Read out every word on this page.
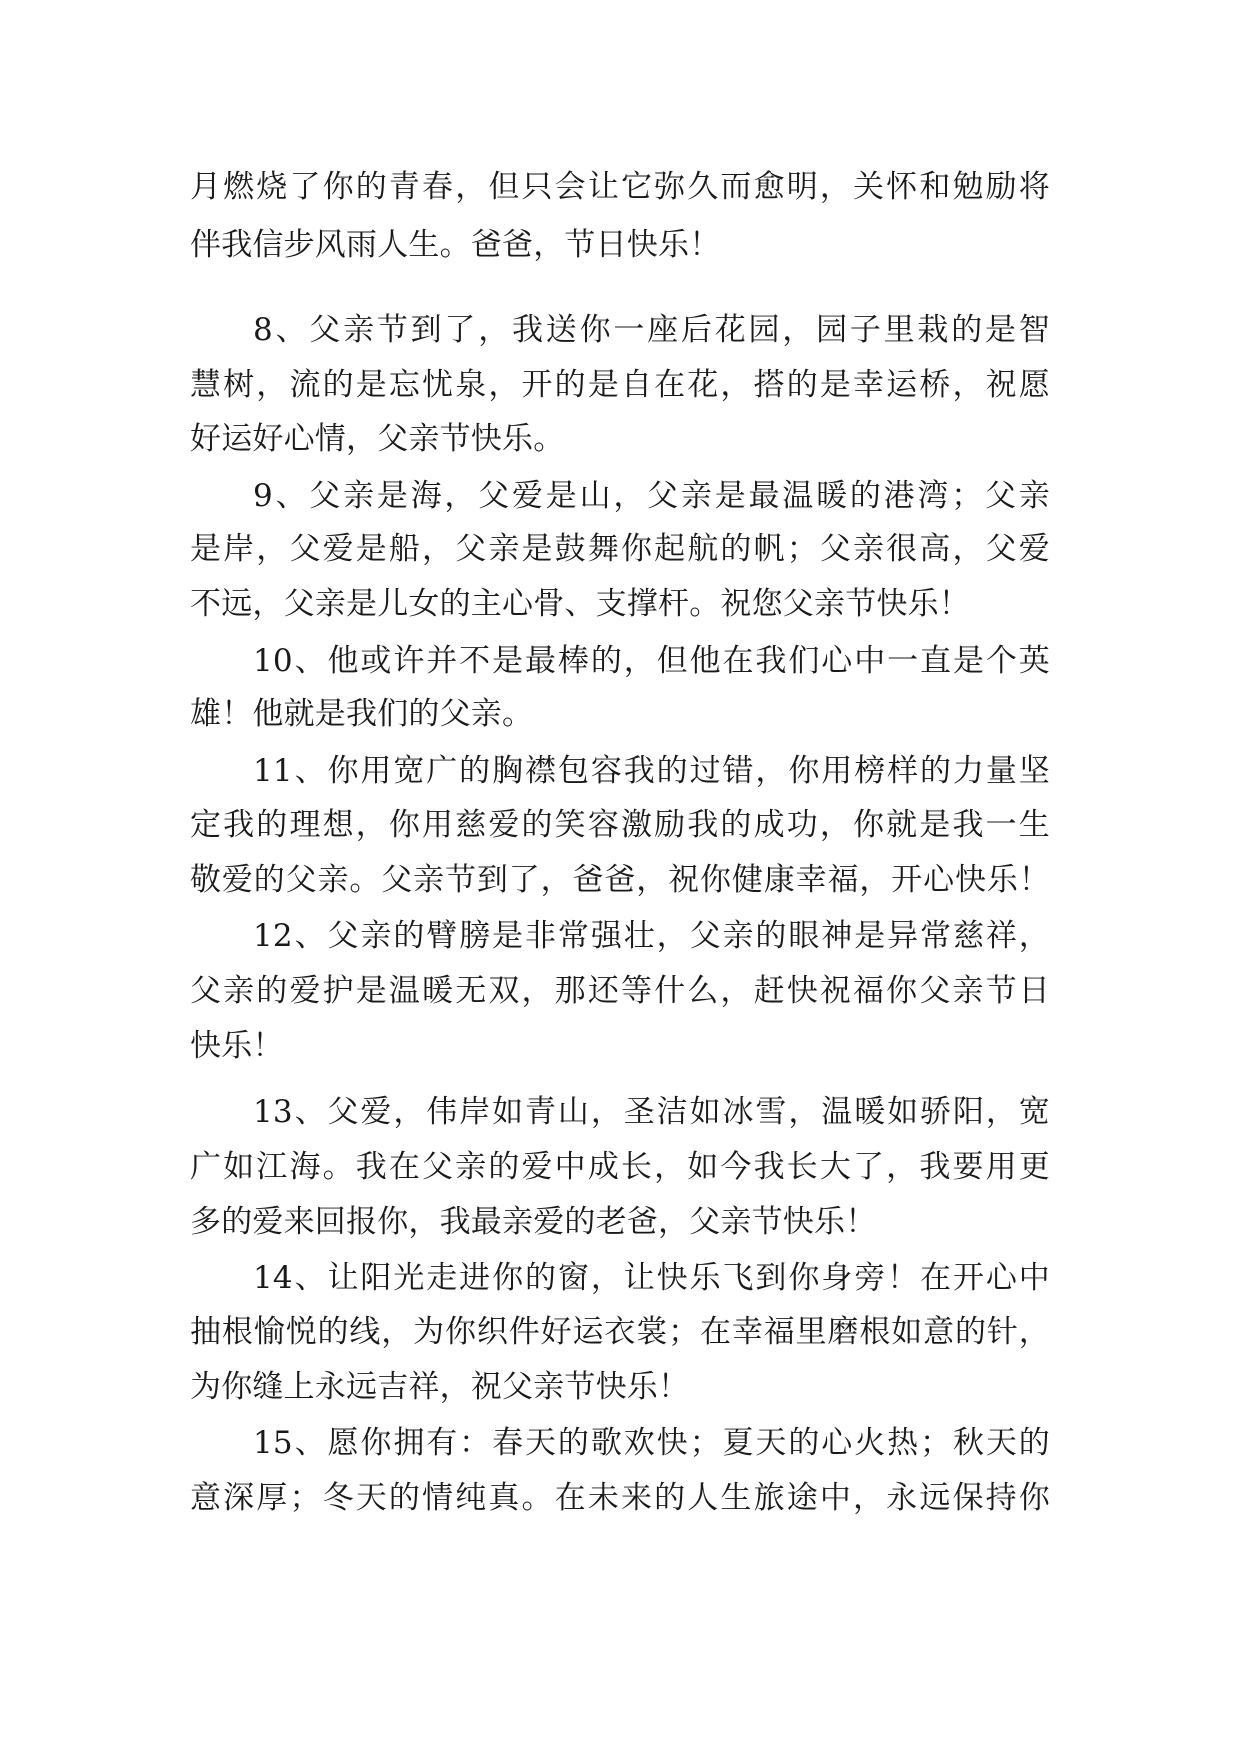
月燃烧了你的青春，但只会让它弥久而愈明，关怀和勉励将
伴我信步风雨人生。爸爸，节日快乐！
8、父亲节到了，我送你一座后花园，园子里栽的是智
慧树，流的是忘忧泉，开的是自在花，搭的是幸运桥，祝愿
好运好心情，父亲节快乐。
9、父亲是海，父爱是山，父亲是最温暖的港湾；父亲
是岸，父爱是船，父亲是鼓舞你起航的帆；父亲很高，父爱
不远，父亲是儿女的主心骨、支撑杆。祝您父亲节快乐！
10、他或许并不是最棒的，但他在我们心中一直是个英
雄！他就是我们的父亲。
11、你用宽广的胸襟包容我的过错，你用榜样的力量坚
定我的理想，你用慈爱的笑容激励我的成功，你就是我一生
敬爱的父亲。父亲节到了，爸爸，祝你健康幸福，开心快乐！
12、父亲的臂膀是非常强壮，父亲的眼神是异常慈祥，
父亲的爱护是温暖无双，那还等什么，赶快祝福你父亲节日
快乐！
13、父爱，伟岸如青山，圣洁如冰雪，温暖如骄阳，宽
广如江海。我在父亲的爱中成长，如今我长大了，我要用更
多的爱来回报你，我最亲爱的老爸，父亲节快乐！
14、让阳光走进你的窗，让快乐飞到你身旁！在开心中
抽根愉悦的线，为你织件好运衣裳；在幸福里磨根如意的针，
为你缝上永远吉祥，祝父亲节快乐！
15、愿你拥有：春天的歌欢快；夏天的心火热；秋天的
意深厚；冬天的情纯真。在未来的人生旅途中，永远保持你
